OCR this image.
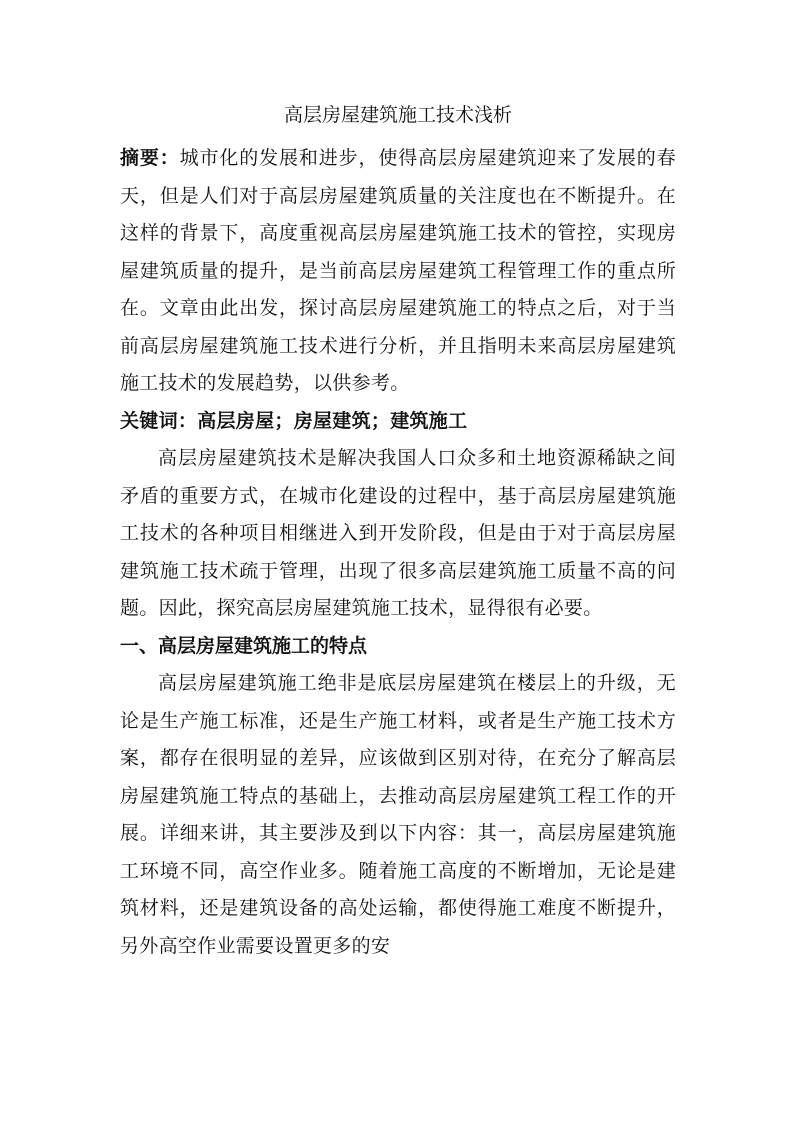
高层房屋建筑施工技术浅析

摘要：城市化的发展和进步，使得高层房屋建筑迎来了发展的春天，但是人们对于高层房屋建筑质量的关注度也在不断提升。在这样的背景下，高度重视高层房屋建筑施工技术的管控，实现房屋建筑质量的提升，是当前高层房屋建筑工程管理工作的重点所在。文章由此出发，探讨高层房屋建筑施工的特点之后，对于当前高层房屋建筑施工技术进行分析，并且指明未来高层房屋建筑施工技术的发展趋势，以供参考。

关键词：高层房屋；房屋建筑；建筑施工

高层房屋建筑技术是解决我国人口众多和土地资源稀缺之间矛盾的重要方式，在城市化建设的过程中，基于高层房屋建筑施工技术的各种项目相继进入到开发阶段，但是由于对于高层房屋建筑施工技术疏于管理，出现了很多高层建筑施工质量不高的问题。因此，探究高层房屋建筑施工技术，显得很有必要。

一、高层房屋建筑施工的特点

高层房屋建筑施工绝非是底层房屋建筑在楼层上的升级，无论是生产施工标准，还是生产施工材料，或者是生产施工技术方案，都存在很明显的差异，应该做到区别对待，在充分了解高层房屋建筑施工特点的基础上，去推动高层房屋建筑工程工作的开展。详细来讲，其主要涉及到以下内容：其一，高层房屋建筑施工环境不同，高空作业多。随着施工高度的不断增加，无论是建筑材料，还是建筑设备的高处运输，都使得施工难度不断提升，另外高空作业需要设置更多的安
